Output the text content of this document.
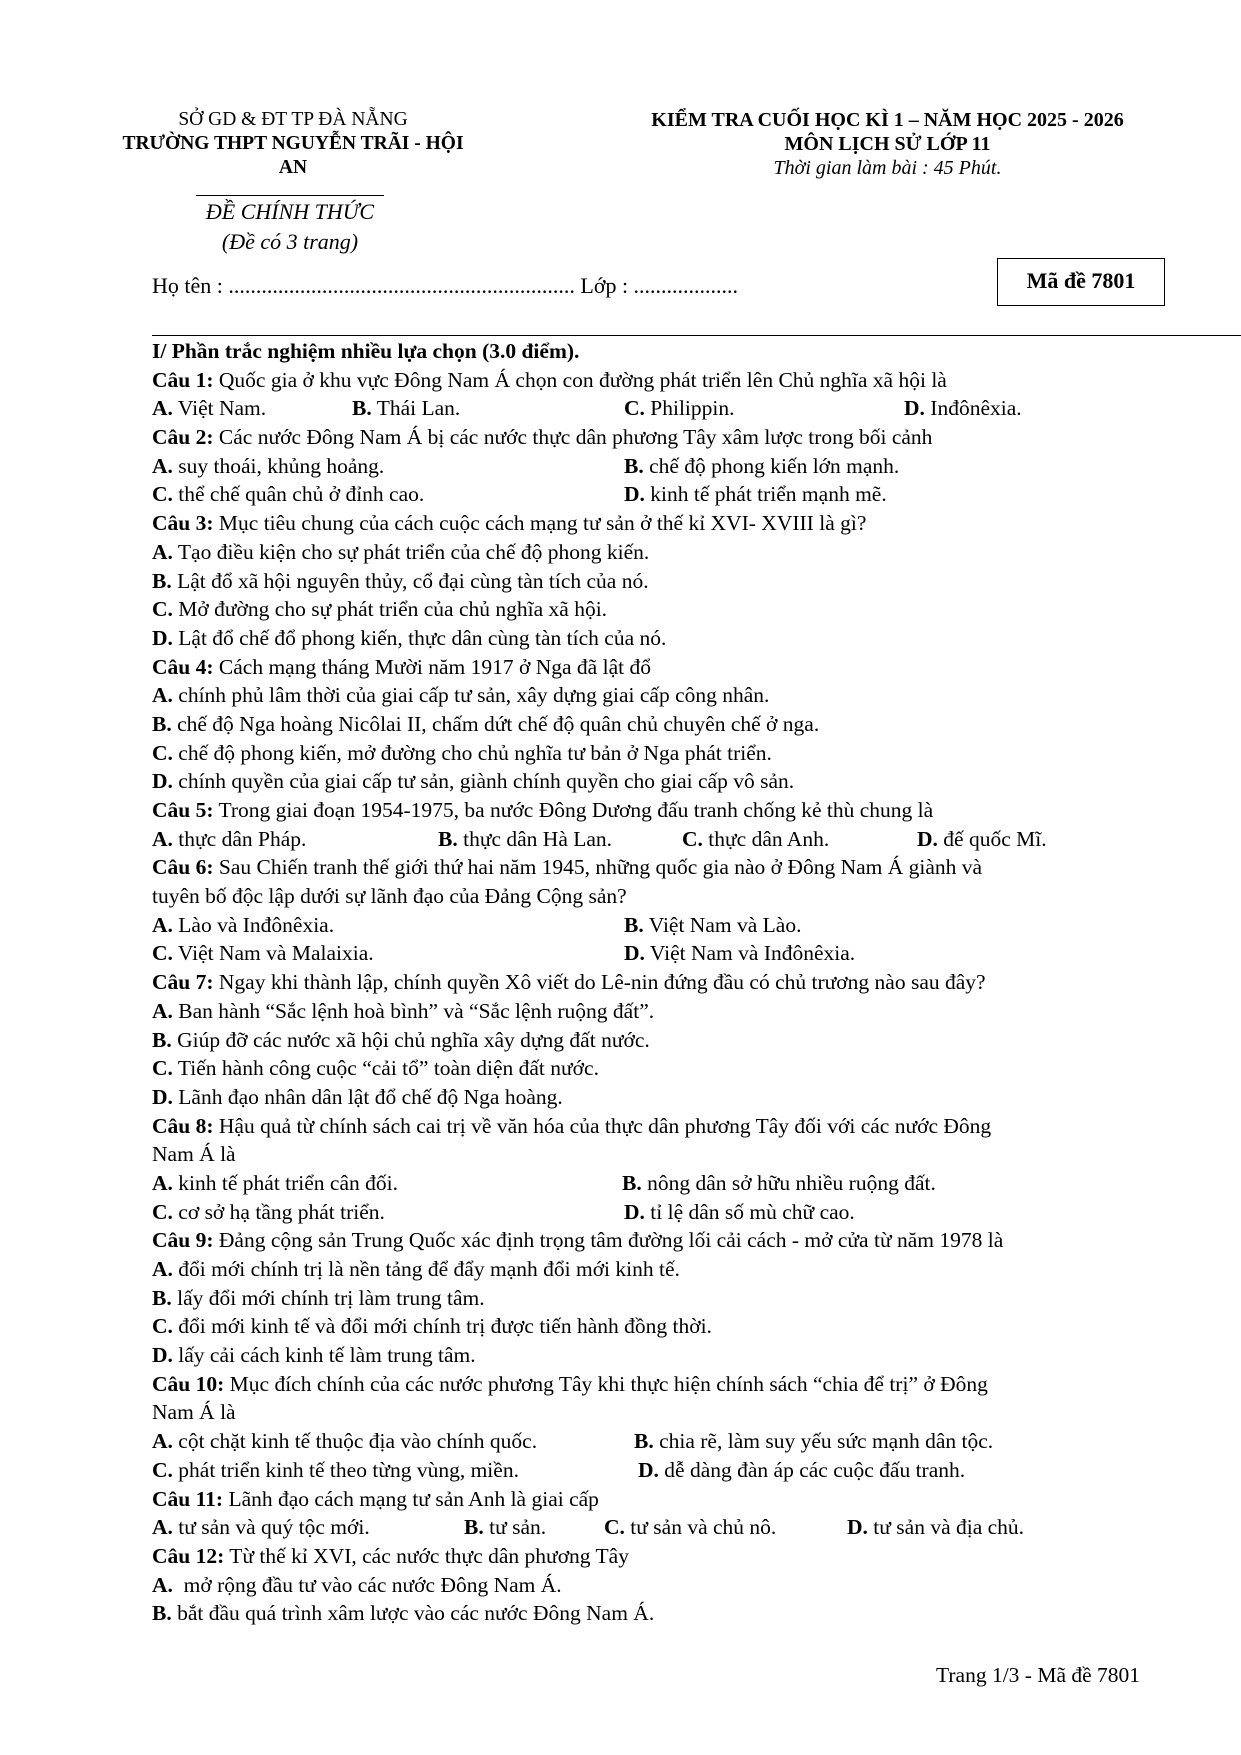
SỞ GD & ĐT TP ĐÀ NẴNG
TRƯỜNG THPT NGUYỄN TRÃI - HỘI AN
KIỂM TRA CUỐI HỌC KÌ 1 – NĂM HỌC 2025 - 2026
MÔN LỊCH SỬ LỚP 11
Thời gian làm bài : 45 Phút.
ĐỀ CHÍNH THỨC
(Đề có 3 trang)
Họ tên : ............................................................... Lớp : ...................	Mã đề 7801
I/ Phần trắc nghiệm nhiều lựa chọn (3.0 điểm).
Câu 1: Quốc gia ở khu vực Đông Nam Á chọn con đường phát triển lên Chủ nghĩa xã hội là
A. Việt Nam.	B. Thái Lan.	C. Philippin.	D. Inđônêxia.
Câu 2: Các nước Đông Nam Á bị các nước thực dân phương Tây xâm lược trong bối cảnh
A. suy thoái, khủng hoảng.	B. chế độ phong kiến lớn mạnh.
C. thể chế quân chủ ở đỉnh cao.	D. kinh tế phát triển mạnh mẽ.
Câu 3: Mục tiêu chung của cách cuộc cách mạng tư sản ở thế kỉ XVI- XVIII là gì?
A. Tạo điều kiện cho sự phát triển của chế độ phong kiến.
B. Lật đổ xã hội nguyên thủy, cổ đại cùng tàn tích của nó.
C. Mở đường cho sự phát triển của chủ nghĩa xã hội.
D. Lật đổ chế đổ phong kiến, thực dân cùng tàn tích của nó.
Câu 4: Cách mạng tháng Mười năm 1917 ở Nga đã lật đổ
A. chính phủ lâm thời của giai cấp tư sản, xây dựng giai cấp công nhân.
B. chế độ Nga hoàng Nicôlai II, chấm dứt chế độ quân chủ chuyên chế ở nga.
C. chế độ phong kiến, mở đường cho chủ nghĩa tư bản ở Nga phát triển.
D. chính quyền của giai cấp tư sản, giành chính quyền cho giai cấp vô sản.
Câu 5: Trong giai đoạn 1954-1975, ba nước Đông Dương đấu tranh chống kẻ thù chung là
A. thực dân Pháp.	B. thực dân Hà Lan.	C. thực dân Anh.	D. đế quốc Mĩ.
Câu 6: Sau Chiến tranh thế giới thứ hai năm 1945, những quốc gia nào ở Đông Nam Á giành và
tuyên bố độc lập dưới sự lãnh đạo của Đảng Cộng sản?
A. Lào và Inđônêxia.	B. Việt Nam và Lào.
C. Việt Nam và Malaixia.	D. Việt Nam và Inđônêxia.
Câu 7: Ngay khi thành lập, chính quyền Xô viết do Lê-nin đứng đầu có chủ trương nào sau đây?
A. Ban hành “Sắc lệnh hoà bình” và “Sắc lệnh ruộng đất”.
B. Giúp đỡ các nước xã hội chủ nghĩa xây dựng đất nước.
C. Tiến hành công cuộc “cải tổ” toàn diện đất nước.
D. Lãnh đạo nhân dân lật đổ chế độ Nga hoàng.
Câu 8: Hậu quả từ chính sách cai trị về văn hóa của thực dân phương Tây đối với các nước Đông
Nam Á là
A. kinh tế phát triển cân đối.	B. nông dân sở hữu nhiều ruộng đất.
C. cơ sở hạ tầng phát triển.	D. tỉ lệ dân số mù chữ cao.
Câu 9: Đảng cộng sản Trung Quốc xác định trọng tâm đường lối cải cách - mở cửa từ năm 1978 là
A. đổi mới chính trị là nền tảng để đẩy mạnh đổi mới kinh tế.
B. lấy đổi mới chính trị làm trung tâm.
C. đổi mới kinh tế và đổi mới chính trị được tiến hành đồng thời.
D. lấy cải cách kinh tế làm trung tâm.
Câu 10: Mục đích chính của các nước phương Tây khi thực hiện chính sách “chia để trị” ở Đông
Nam Á là
A. cột chặt kinh tế thuộc địa vào chính quốc.	B. chia rẽ, làm suy yếu sức mạnh dân tộc.
C. phát triển kinh tế theo từng vùng, miền.	D. dễ dàng đàn áp các cuộc đấu tranh.
Câu 11: Lãnh đạo cách mạng tư sản Anh là giai cấp
A. tư sản và quý tộc mới.	B. tư sản.	C. tư sản và chủ nô.	D. tư sản và địa chủ.
Câu 12: Từ thế kỉ XVI, các nước thực dân phương Tây
A.  mở rộng đầu tư vào các nước Đông Nam Á.
B. bắt đầu quá trình xâm lược vào các nước Đông Nam Á.
Trang 1/3 - Mã đề 7801
